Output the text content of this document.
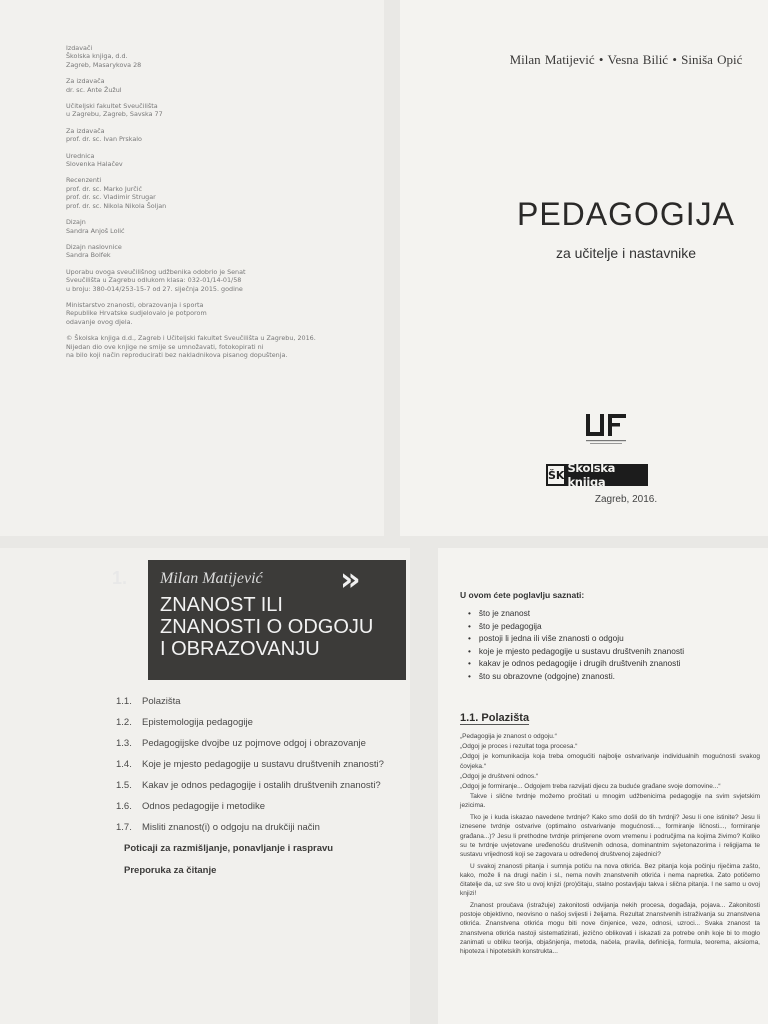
Izdavači
Školska knjiga, d.d.
Zagreb, Masarykova 28
Za izdavača
dr. sc. Ante Žužul
Učiteljski fakultet Sveučilišta
u Zagrebu, Zagreb, Savska 77
Za izdavača
prof. dr. sc. Ivan Prskalo
Urednica
Slovenka Halačev
Recenzenti
prof. dr. sc. Marko Jurčić
prof. dr. sc. Vladimir Strugar
prof. dr. sc. Nikola Nikola Šoljan
Dizajn
Sandra Anjoš Lolić
Dizajn naslovnice
Sandra Bolfek
Uporabu ovoga sveučilišnog udžbenika odobrio je Senat
Sveučilišta u Zagrebu odlukom klasa: 032-01/14-01/58
u broju: 380-014/253-15-7 od 27. siječnja 2015. godine
Ministarstvo znanosti, obrazovanja i sporta
Republike Hrvatske sudjelovalo je potporom
odavanje ovog djela.
© Školska knjiga d.d., Zagreb i Učiteljski fakultet Sveučilišta u Zagrebu, 2016.
Nijedan dio ove knjige ne smije se umnožavati, fotokopirati ni
na bilo koji način reproducirati bez nakladnikova pisanog dopuštenja.
Milan Matijević • Vesna Bilić • Siniša Opić
PEDAGOGIJA
za učitelje i nastavnike
ŠK Školska knjiga
Zagreb, 2016.
1. Milan Matijević »
ZNANOST ILI
ZNANOSTI O ODGOJU
I OBRAZOVANJU
1.1.	Polazišta
1.2.	Epistemologija pedagogije
1.3.	Pedagogijske dvojbe uz pojmove odgoj i obrazovanje
1.4.	Koje je mjesto pedagogije u sustavu društvenih znanosti?
1.5.	Kakav je odnos pedagogije i ostalih društvenih znanosti?
1.6.	Odnos pedagogije i metodike
1.7.	Misliti znanost(i) o odgoju na drukčiji način
Poticaji za razmišljanje, ponavljanje i raspravu
Preporuka za čitanje
U ovom ćete poglavlju saznati:
• što je znanost
• što je pedagogija
• postoji li jedna ili više znanosti o odgoju
• koje je mjesto pedagogije u sustavu društvenih znanosti
• kakav je odnos pedagogije i drugih društvenih znanosti
• što su obrazovne (odgojne) znanosti.
1.1. Polazišta

„Pedagogija je znanost o odgoju.“

„Odgoj je proces i rezultat toga procesa.“

„Odgoj je komunikacija koja treba omogućiti najbolje ostvarivanje individualnih mogućnosti svakog čovjeka.“

„Odgoj je društveni odnos.“

„Odgoj je formiranje... Odgojem treba razvijati djecu za buduće građane svoje domovine...“

Takve i slične tvrdnje možemo pročitati u mnogim udžbenicima pedagogije na svim svjetskim jezicima.

Tko je i kuda iskazao navedene tvrdnje? Kako smo došli do tih tvrdnji? Jesu li one istinite? Jesu li iznesene tvrdnje ostvarive (optimalno ostvarivanje mogućnosti..., formiranje ličnosti..., formiranje građana...)? Jesu li prethodne tvrdnje primjerene ovom vremenu i područjima na kojima živimo? Koliko su te tvrdnje uvjetovane uređenošću društvenih odnosa, dominantnim svjetonazorima i religijama te sustavu vrijednosti koji se zagovara u određenoj društvenoj zajednici?

U svakoj znanosti pitanja i sumnja potiču na nova otkrića. Bez pitanja koja počinju riječima zašto, kako, može li na drugi način i sl., nema novih znanstvenih otkrića i nema napretka. Zato potičemo čitatelje da, uz sve što u ovoj knjizi (pro)čitaju, stalno postavljaju takva i slična pitanja. I ne samo u ovoj knjizi!

Znanost proučava (istražuje) zakonitosti odvijanja nekih procesa, događaja, pojava... Zakonitosti postoje objektivno, neovisno o našoj svijesti i željama. Rezultat znanstvenih istraživanja su znanstvena otkrića. Znanstvena otkrića mogu biti nove činjenice, veze, odnosi, uzroci... Svaka znanost ta znanstvena otkrića nastoji sistematizirati, jezično oblikovati i iskazati za potrebe onih koje bi to moglo zanimati u obliku teorija, objašnjenja, metoda, načela, pravila, definicija, formula, teorema, aksioma, hipoteza i hipotetskih konstrukta...
